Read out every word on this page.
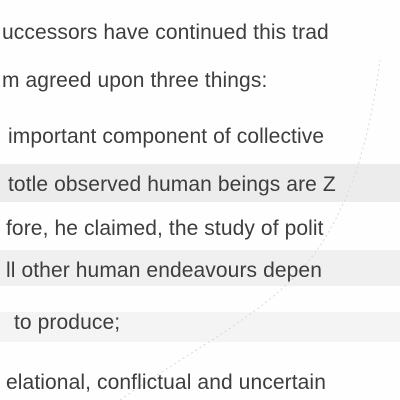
uccessors have continued this trad
m agreed upon three things:
important component of collective
totle observed human beings are Z
fore, he claimed, the study of polit
ll other human endeavours depen
to produce;
elational, conflictual and uncertain
